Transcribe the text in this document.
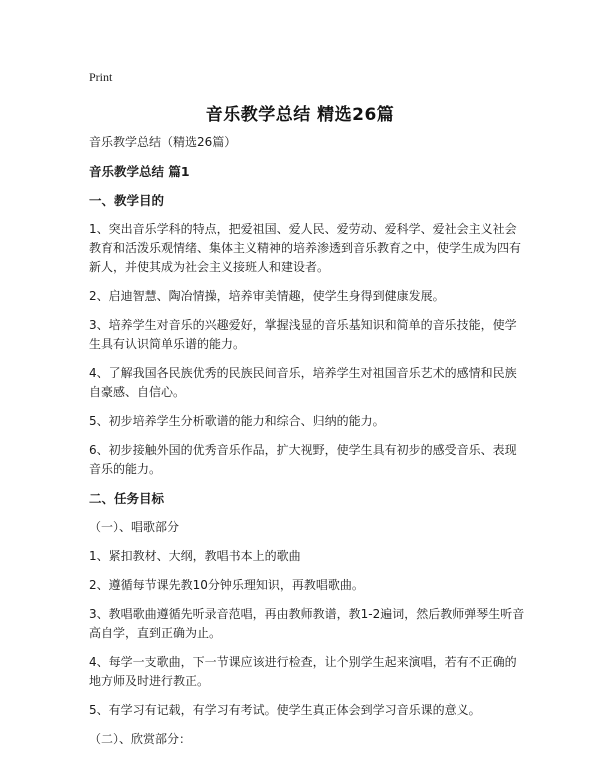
Print
音乐教学总结 精选26篇

音乐教学总结（精选26篇）

音乐教学总结 篇1

一、教学目的

1、突出音乐学科的特点，把爱祖国、爱人民、爱劳动、爱科学、爱社会主义社会

教育和活泼乐观情绪、集体主义精神的培养渗透到音乐教育之中，使学生成为四有

新人，并使其成为社会主义接班人和建设者。

2、启迪智慧、陶冶情操，培养审美情趣，使学生身得到健康发展。

3、培养学生对音乐的兴趣爱好，掌握浅显的音乐基知识和简单的音乐技能，使学

生具有认识简单乐谱的能力。

4、了解我国各民族优秀的民族民间音乐，培养学生对祖国音乐艺术的感情和民族

自豪感、自信心。

5、初步培养学生分析歌谱的能力和综合、归纳的能力。

6、初步接触外国的优秀音乐作品，扩大视野，使学生具有初步的感受音乐、表现

音乐的能力。

二、任务目标

（一）、唱歌部分

1、紧扣教材、大纲，教唱书本上的歌曲

2、遵循每节课先教10分钟乐理知识，再教唱歌曲。

3、教唱歌曲遵循先听录音范唱，再由教师教谱，教1-2遍词，然后教师弹琴生听音

高自学，直到正确为止。

4、每学一支歌曲，下一节课应该进行检查，让个别学生起来演唱，若有不正确的

地方师及时进行教正。

5、有学习有记载，有学习有考试。使学生真正体会到学习音乐课的意义。

（二）、欣赏部分：
